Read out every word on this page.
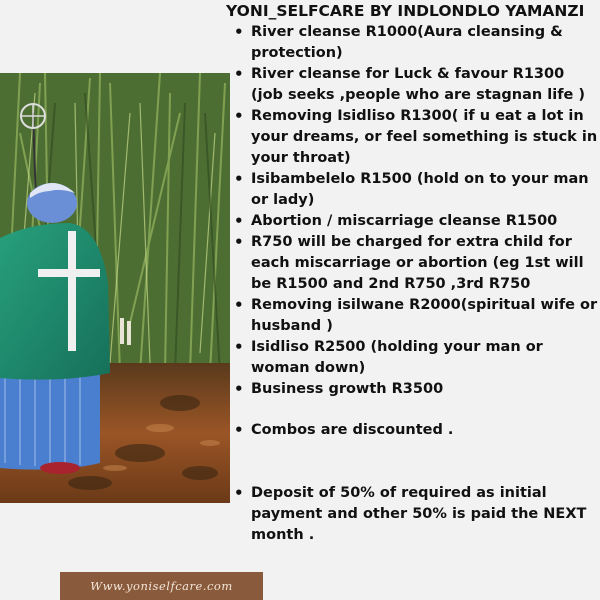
YONI_SELFCARE BY INDLONDLO YAMANZI
• River cleanse R1000(Aura cleansing & protection)
• River cleanse for Luck & favour R1300 (job seeks ,people who are stagnan life )
• Removing Isidliso R1300( if u eat a lot in your dreams, or feel something is stuck in your throat)
• Isibambelelo R1500 (hold on to your man or lady)
• Abortion / miscarriage cleanse R1500
• R750 will be charged for extra child for each miscarriage or abortion (eg 1st will be R1500 and 2nd R750 ,3rd R750
• Removing isilwane R2000(spiritual wife or husband )
• Isidliso R2500 (holding your man or woman down)
• Business growth R3500
• Combos are discounted .
• Deposit of 50% of required as initial payment and other 50% is paid the NEXT month .
Www.yoniselfcare.com
